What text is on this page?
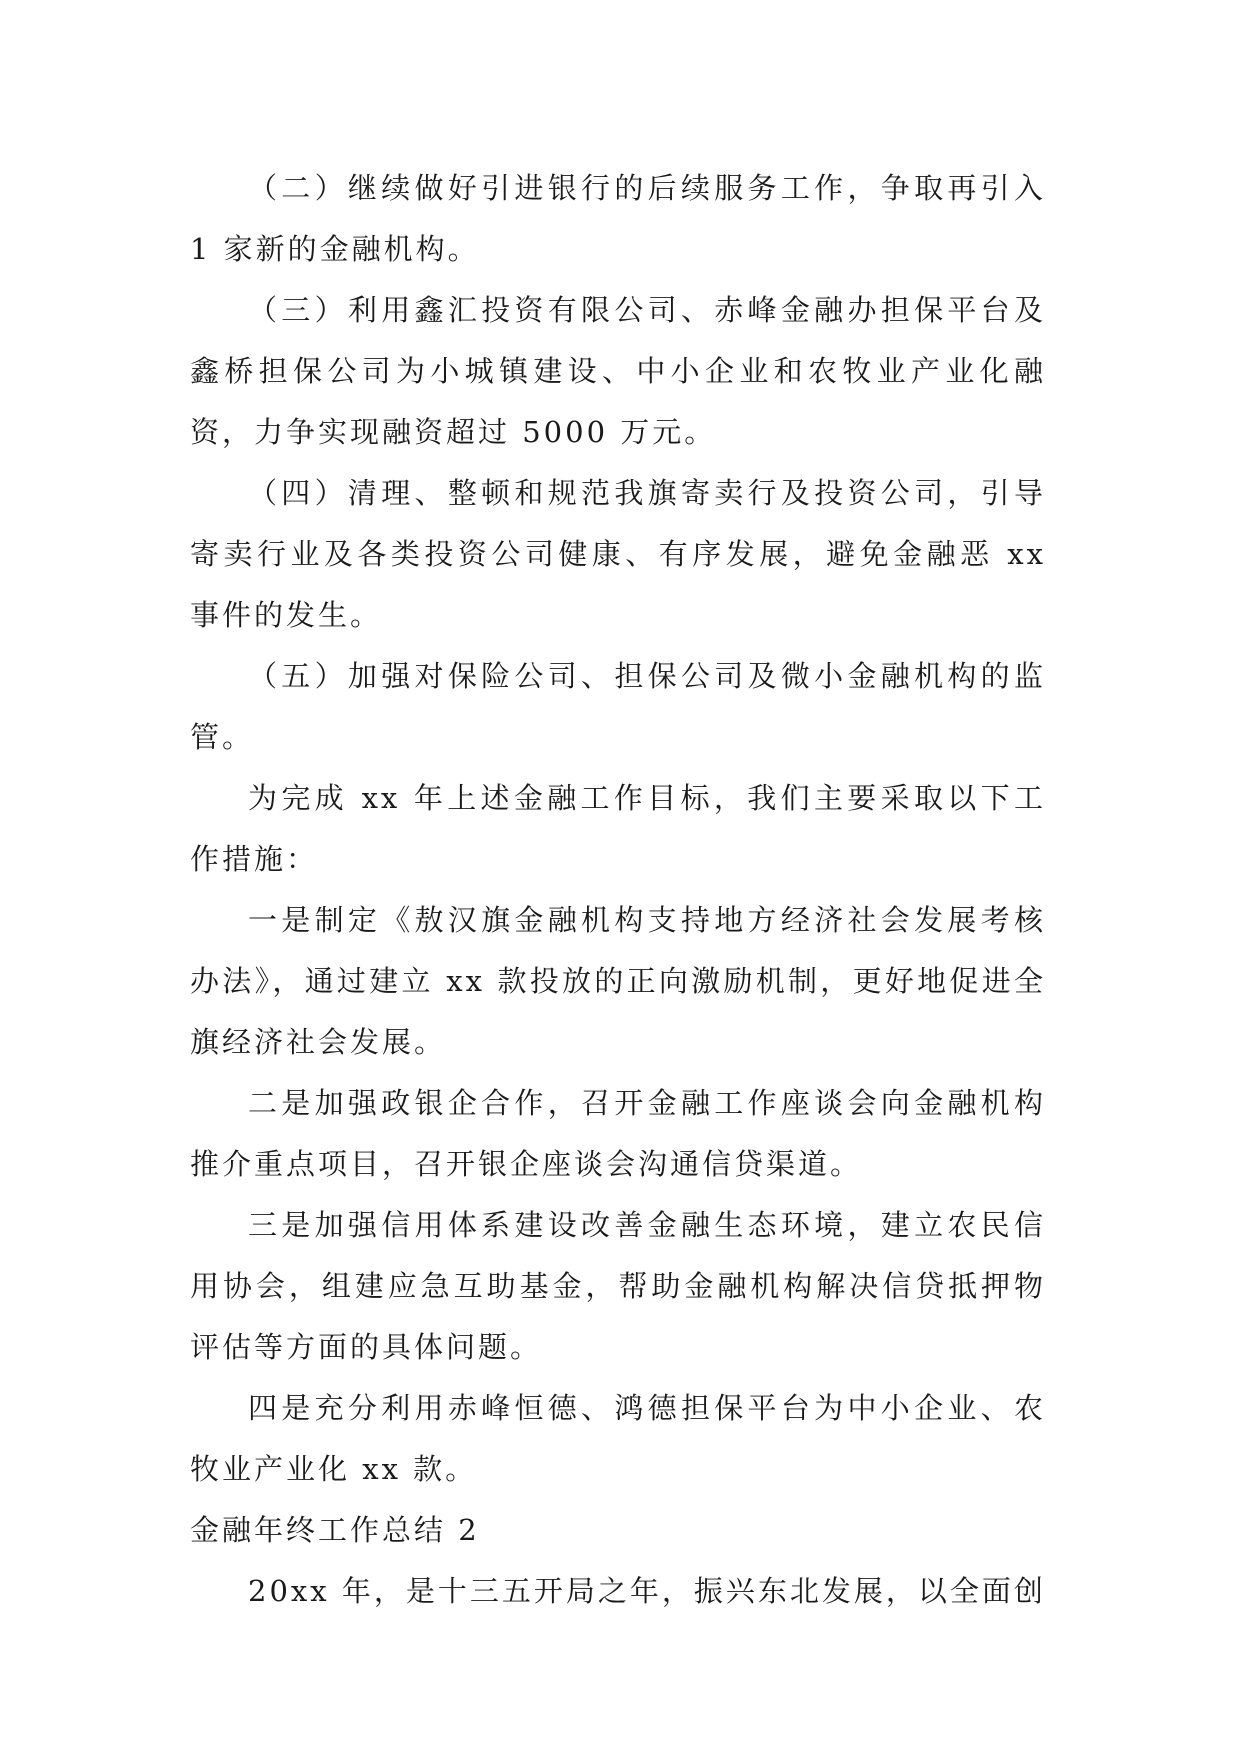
（二）继续做好引进银行的后续服务工作，争取再引入 1 家新的金融机构。

（三）利用鑫汇投资有限公司、赤峰金融办担保平台及鑫桥担保公司为小城镇建设、中小企业和农牧业产业化融资，力争实现融资超过 5000 万元。

（四）清理、整顿和规范我旗寄卖行及投资公司，引导寄卖行业及各类投资公司健康、有序发展，避免金融恶 xx 事件的发生。

（五）加强对保险公司、担保公司及微小金融机构的监管。

为完成 xx 年上述金融工作目标，我们主要采取以下工作措施：

一是制定《敖汉旗金融机构支持地方经济社会发展考核办法》，通过建立 xx 款投放的正向激励机制，更好地促进全旗经济社会发展。

二是加强政银企合作，召开金融工作座谈会向金融机构推介重点项目，召开银企座谈会沟通信贷渠道。

三是加强信用体系建设改善金融生态环境，建立农民信用协会，组建应急互助基金，帮助金融机构解决信贷抵押物评估等方面的具体问题。

四是充分利用赤峰恒德、鸿德担保平台为中小企业、农牧业产业化 xx 款。

金融年终工作总结 2

20xx 年，是十三五开局之年，振兴东北发展，以全面创
